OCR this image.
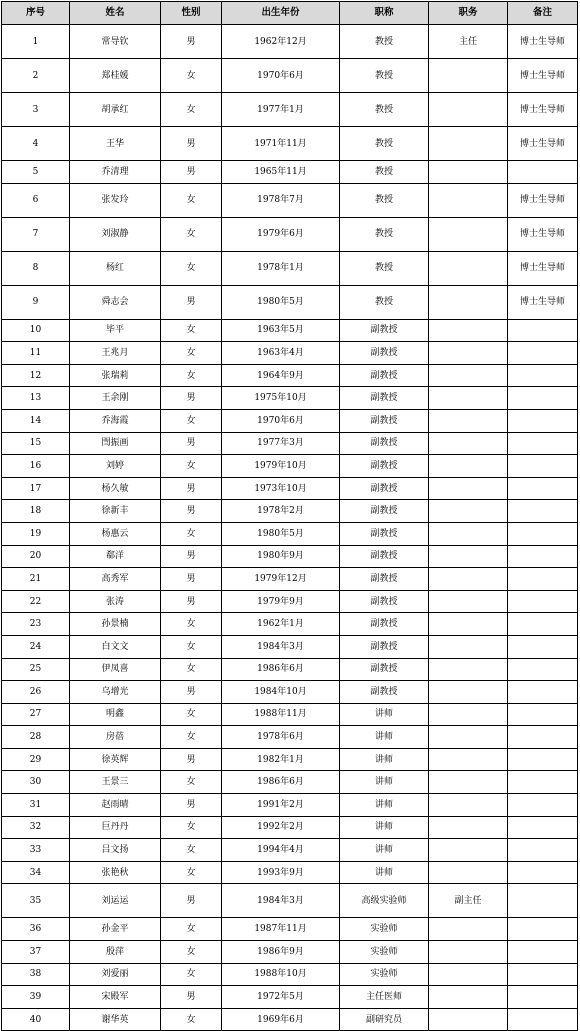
序号	姓名	性别	出生年份	职称	职务	备注
1	常导钦	男	1962年12月	教授	主任	博士生导师
2	郑桂媛	女	1970年6月	教授		博士生导师
3	胡承红	女	1977年1月	教授		博士生导师
4	王华	男	1971年11月	教授		博士生导师
5	乔清理	男	1965年11月	教授		
6	张发玲	女	1978年7月	教授		博士生导师
7	刘淑静	女	1979年6月	教授		博士生导师
8	杨红	女	1978年1月	教授		博士生导师
9	舜志会	男	1980年5月	教授		博士生导师
10	毕平	女	1963年5月	副教授		
11	王兆月	女	1963年4月	副教授		
12	张瑞莉	女	1964年9月	副教授		
13	王余刚	男	1975年10月	副教授		
14	乔海霞	女	1970年6月	副教授		
15	閆振画	男	1977年3月	副教授		
16	刘婷	女	1979年10月	副教授		
17	杨久敏	男	1973年10月	副教授		
18	徐新丰	男	1978年2月	副教授		
19	杨惠云	女	1980年5月	副教授		
20	郗洋	男	1980年9月	副教授		
21	高秀军	男	1979年12月	副教授		
22	张涛	男	1979年9月	副教授		
23	孙景楠	女	1962年1月	副教授		
24	白文文	女	1984年3月	副教授		
25	伊凤喜	女	1986年6月	副教授		
26	乌增光	男	1984年10月	副教授		
27	明鑫	女	1988年11月	讲师		
28	房蓓	女	1978年6月	讲师		
29	徐英辉	男	1982年1月	讲师		
30	王景三	女	1986年6月	讲师		
31	赵雨晴	男	1991年2月	讲师		
32	巨丹丹	女	1992年2月	讲师		
33	吕文扬	女	1994年4月	讲师		
34	张艳秋	女	1993年9月	讲师		
35	刘运运	男	1984年3月	高级实验师	副主任	
36	孙金平	女	1987年11月	实验师		
37	殷萍	女	1986年9月	实验师		
38	刘爱丽	女	1988年10月	实验师		
39	宋殿军	男	1972年5月	主任医师		
40	谢华英	女	1969年6月	副研究员		
